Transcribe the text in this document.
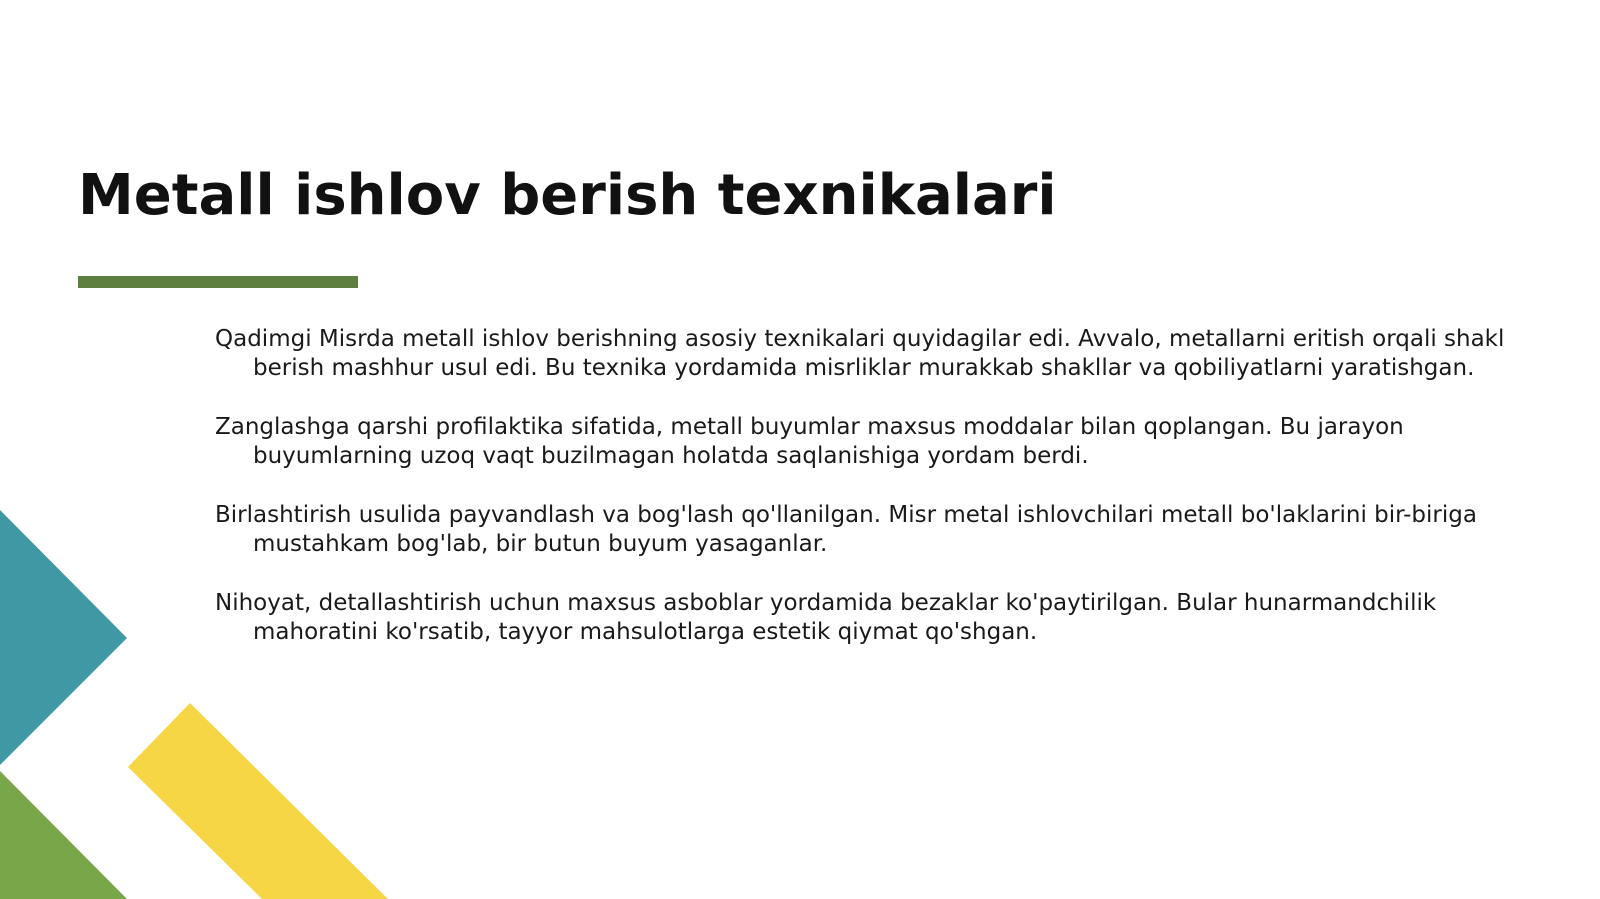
Metall ishlov berish texnikalari

Qadimgi Misrda metall ishlov berishning asosiy texnikalari quyidagilar edi. Avvalo, metallarni eritish orqali shakl berish mashhur usul edi. Bu texnika yordamida misrliklar murakkab shakllar va qobiliyatlarni yaratishgan.

Zanglashga qarshi profilaktika sifatida, metall buyumlar maxsus moddalar bilan qoplangan. Bu jarayon buyumlarning uzoq vaqt buzilmagan holatda saqlanishiga yordam berdi.

Birlashtirish usulida payvandlash va bog'lash qo'llanilgan. Misr metal ishlovchilari metall bo'laklarini bir-biriga mustahkam bog'lab, bir butun buyum yasaganlar.

Nihoyat, detallashtirish uchun maxsus asboblar yordamida bezaklar ko'paytirilgan. Bular hunarmandchilik mahoratini ko'rsatib, tayyor mahsulotlarga estetik qiymat qo'shgan.
